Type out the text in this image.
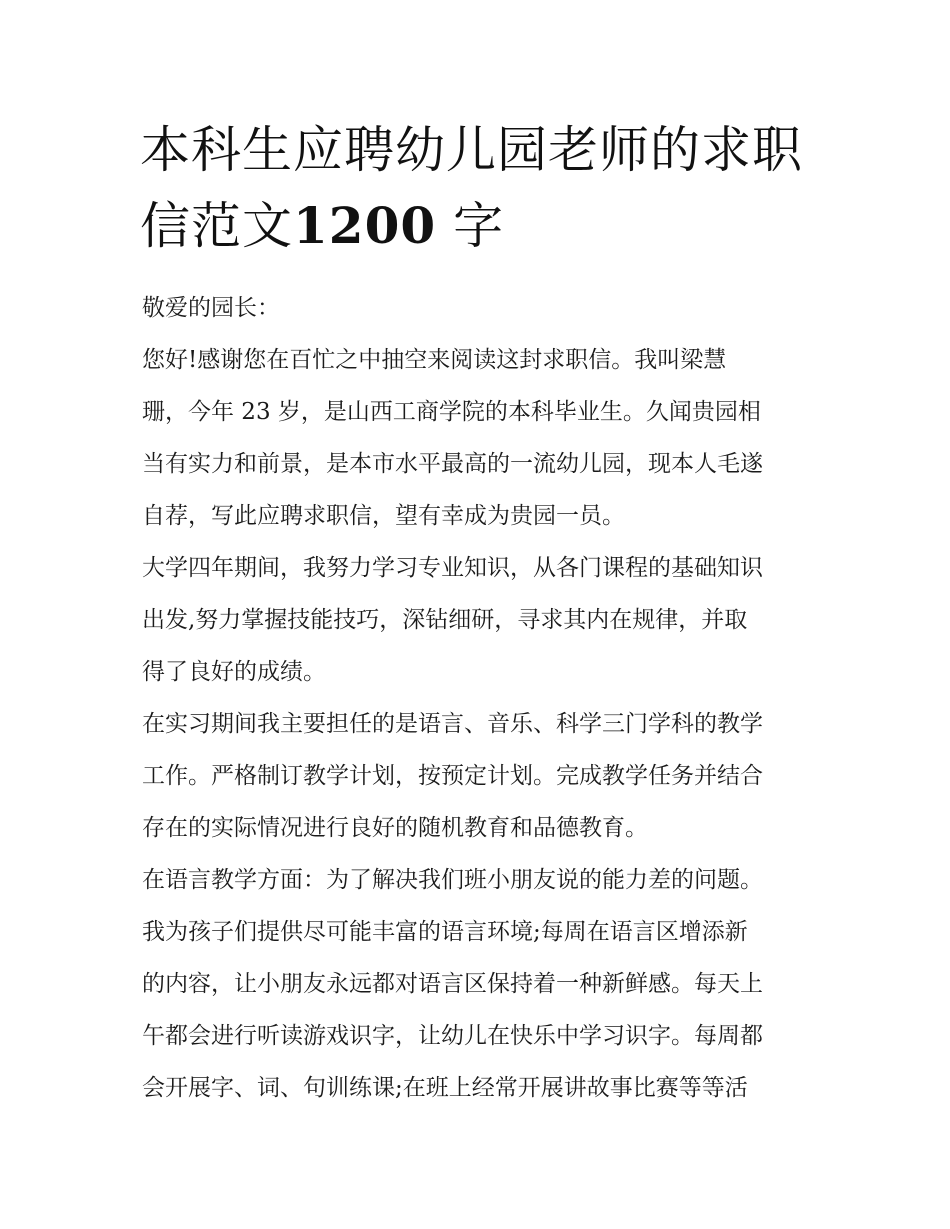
本科生应聘幼儿园老师的求职
信范文1200 字

敬爱的园长：

您好!感谢您在百忙之中抽空来阅读这封求职信。我叫梁慧
珊，今年 23 岁，是山西工商学院的本科毕业生。久闻贵园相
当有实力和前景，是本市水平最高的一流幼儿园，现本人毛遂
自荐，写此应聘求职信，望有幸成为贵园一员。

大学四年期间，我努力学习专业知识，从各门课程的基础知识
出发,努力掌握技能技巧，深钻细研，寻求其内在规律，并取
得了良好的成绩。

在实习期间我主要担任的是语言、音乐、科学三门学科的教学
工作。严格制订教学计划，按预定计划。完成教学任务并结合
存在的实际情况进行良好的随机教育和品德教育。

在语言教学方面：为了解决我们班小朋友说的能力差的问题。
我为孩子们提供尽可能丰富的语言环境;每周在语言区增添新
的内容，让小朋友永远都对语言区保持着一种新鲜感。每天上
午都会进行听读游戏识字，让幼儿在快乐中学习识字。每周都
会开展字、词、句训练课;在班上经常开展讲故事比赛等等活
